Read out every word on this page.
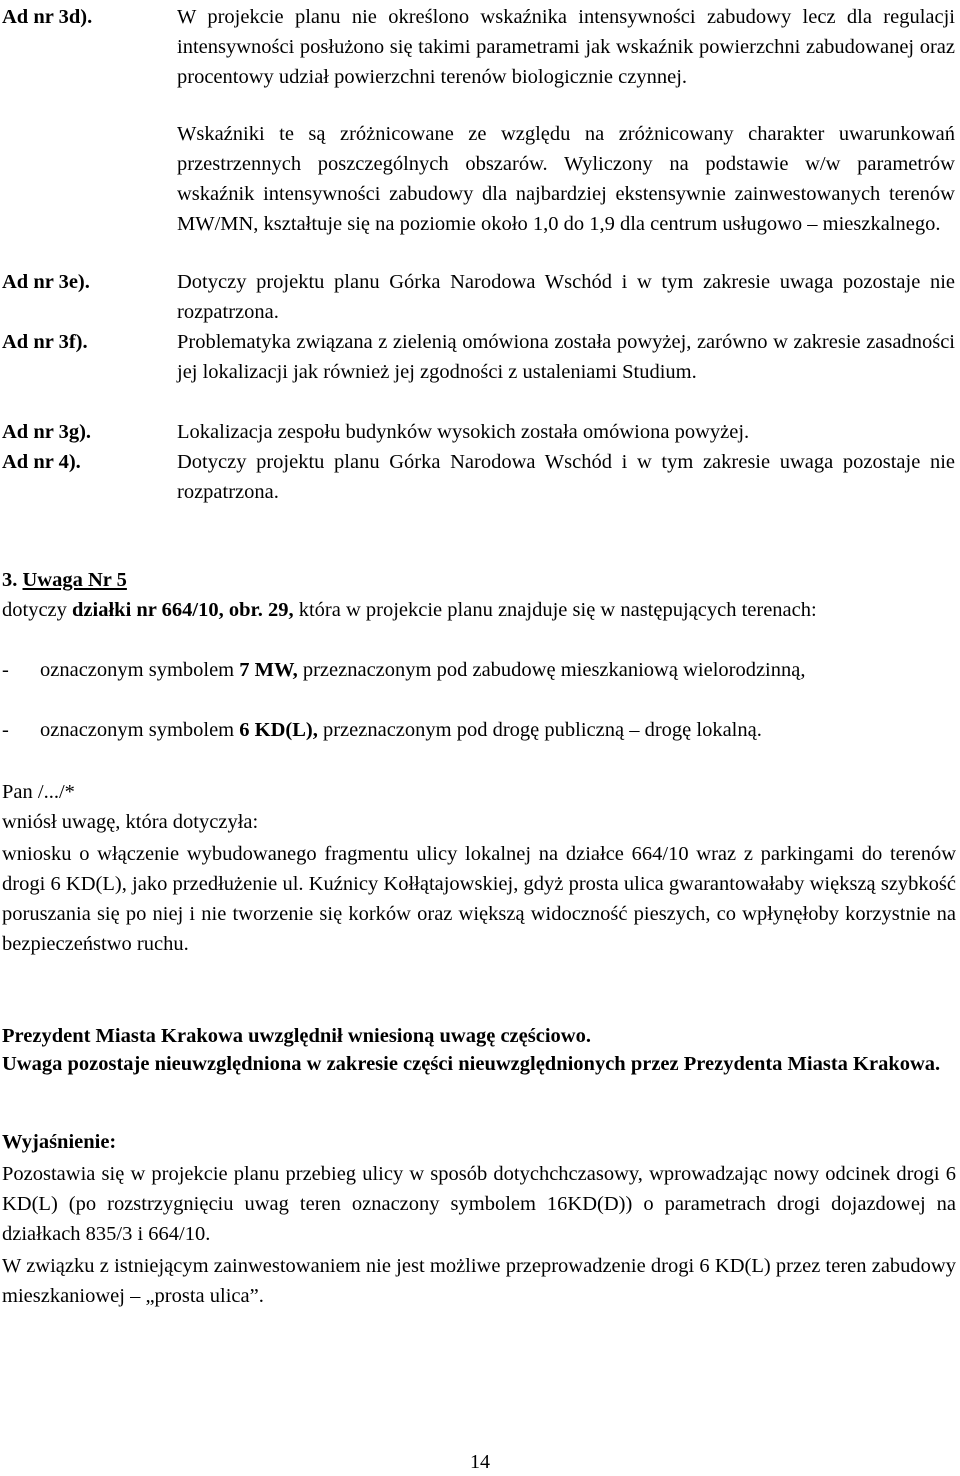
Ad nr 3d).	W projekcie planu nie określono wskaźnika intensywności zabudowy lecz dla regulacji intensywności posłużono się takimi parametrami jak wskaźnik powierzchni zabudowanej oraz procentowy udział powierzchni terenów biologicznie czynnej.
Wskaźniki te są zróżnicowane ze względu na zróżnicowany charakter uwarunkowań przestrzennych poszczególnych obszarów. Wyliczony na podstawie w/w parametrów wskaźnik intensywności zabudowy dla najbardziej ekstensywnie zainwestowanych terenów MW/MN, kształtuje się na poziomie około 1,0 do 1,9 dla centrum usługowo – mieszkalnego.
Ad nr 3e).	Dotyczy projektu planu Górka Narodowa Wschód i w tym zakresie uwaga pozostaje nie rozpatrzona.
Ad nr 3f).	Problematyka związana z zielenią omówiona została powyżej, zarówno w zakresie zasadności jej lokalizacji jak również jej zgodności z ustaleniami Studium.
Ad nr 3g).	Lokalizacja zespołu budynków wysokich została omówiona powyżej.
Ad nr 4).	Dotyczy projektu planu Górka Narodowa Wschód i w tym zakresie uwaga pozostaje nie rozpatrzona.
3. Uwaga Nr 5
dotyczy działki nr 664/10, obr. 29, która w projekcie planu znajduje się w następujących terenach:
-	oznaczonym symbolem 7 MW, przeznaczonym pod zabudowę mieszkaniową wielorodzinną,
-	oznaczonym symbolem 6 KD(L), przeznaczonym pod drogę publiczną – drogę lokalną.
Pan /.../*
wniósł uwagę, która dotyczyła:
wniosku o włączenie wybudowanego fragmentu ulicy lokalnej na działce 664/10 wraz z parkingami do terenów drogi 6 KD(L), jako przedłużenie ul. Kuźnicy Kołłątajowskiej, gdyż prosta ulica gwarantowałaby większą szybkość poruszania się po niej i nie tworzenie się korków oraz większą widoczność pieszych, co wpłynęłoby korzystnie na bezpieczeństwo ruchu.
Prezydent Miasta Krakowa uwzględnił wniesioną uwagę częściowo.
Uwaga pozostaje nieuwzględniona w zakresie części nieuwzględnionych przez Prezydenta Miasta Krakowa.
Wyjaśnienie:
Pozostawia się w projekcie planu przebieg ulicy w sposób dotychchczasowy, wprowadzając nowy odcinek drogi 6 KD(L) (po rozstrzygnięciu uwag teren oznaczony symbolem 16KD(D)) o parametrach drogi dojazdowej na działkach 835/3 i 664/10.
W związku z istniejącym zainwestowaniem nie jest możliwe przeprowadzenie drogi 6 KD(L) przez teren zabudowy mieszkaniowej – „prosta ulica”.
14
